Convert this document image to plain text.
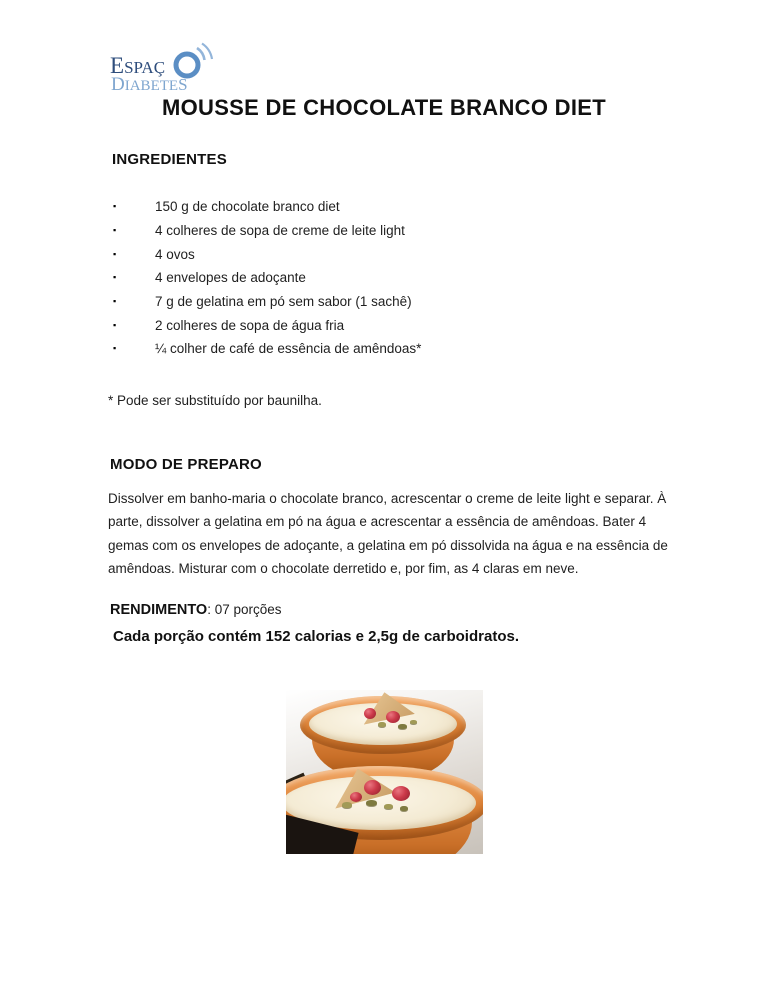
ESPAÇ
DIABETES
MOUSSE DE CHOCOLATE BRANCO DIET
INGREDIENTES
▪	150 g de chocolate branco diet
▪	4 colheres de sopa de creme de leite light
▪	4 ovos
▪	4 envelopes de adoçante
▪	7 g de gelatina em pó sem sabor (1 sachê)
▪	2 colheres de sopa de água fria
▪	¼ colher de café de essência de amêndoas*
* Pode ser substituído por baunilha.
MODO DE PREPARO
Dissolver em banho-maria o chocolate branco, acrescentar o creme de leite light e separar. À
parte, dissolver a gelatina em pó na água e acrescentar a essência de amêndoas. Bater 4
gemas com os envelopes de adoçante, a gelatina em pó dissolvida na água e na essência de
amêndoas. Misturar com o chocolate derretido e, por fim, as 4 claras em neve.
RENDIMENTO: 07 porções
Cada porção contém 152 calorias e 2,5g de carboidratos.
